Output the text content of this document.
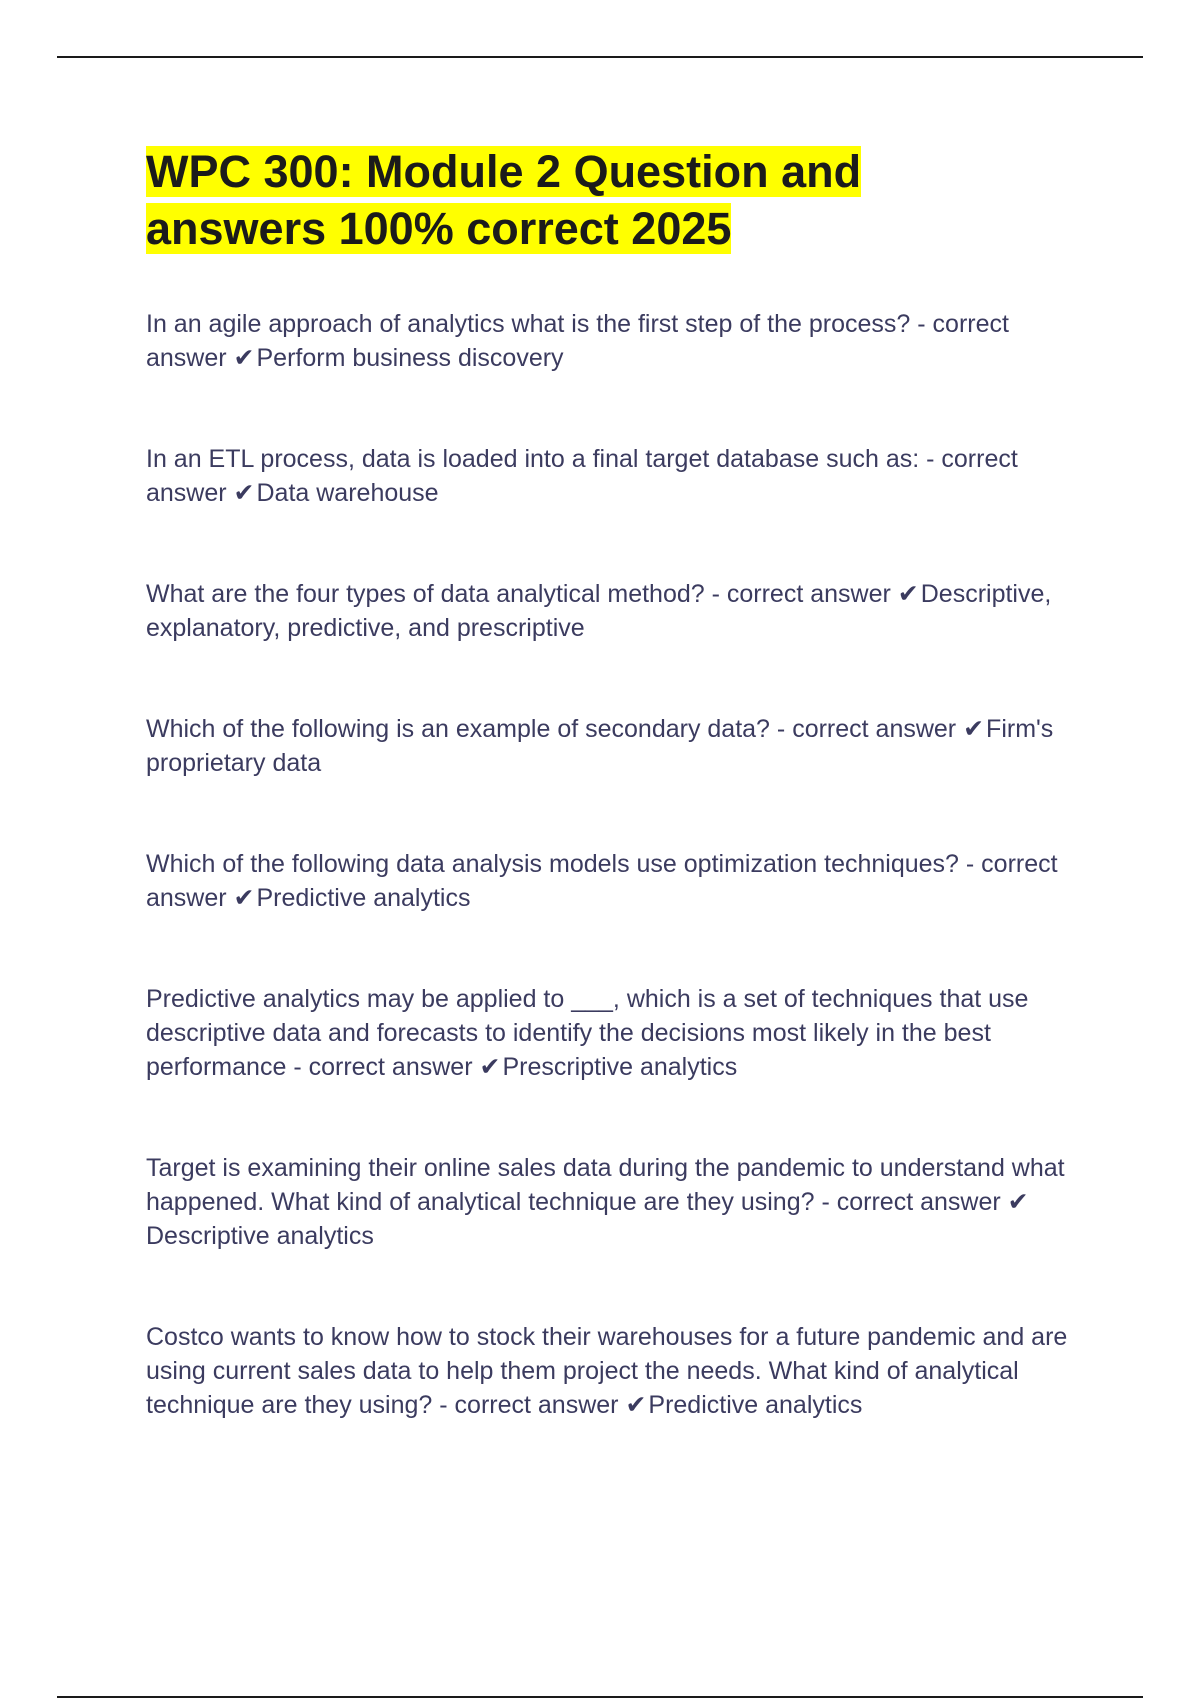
WPC 300: Module 2 Question and
answers 100% correct 2025

In an agile approach of analytics what is the first step of the process? - correct answer ✔Perform business discovery

In an ETL process, data is loaded into a final target database such as: - correct answer ✔Data warehouse

What are the four types of data analytical method? - correct answer ✔Descriptive, explanatory, predictive, and prescriptive

Which of the following is an example of secondary data? - correct answer ✔Firm's proprietary data

Which of the following data analysis models use optimization techniques? - correct answer ✔Predictive analytics

Predictive analytics may be applied to ___, which is a set of techniques that use descriptive data and forecasts to identify the decisions most likely in the best performance - correct answer ✔Prescriptive analytics

Target is examining their online sales data during the pandemic to understand what happened. What kind of analytical technique are they using? - correct answer ✔Descriptive analytics

Costco wants to know how to stock their warehouses for a future pandemic and are using current sales data to help them project the needs. What kind of analytical technique are they using? - correct answer ✔Predictive analytics
